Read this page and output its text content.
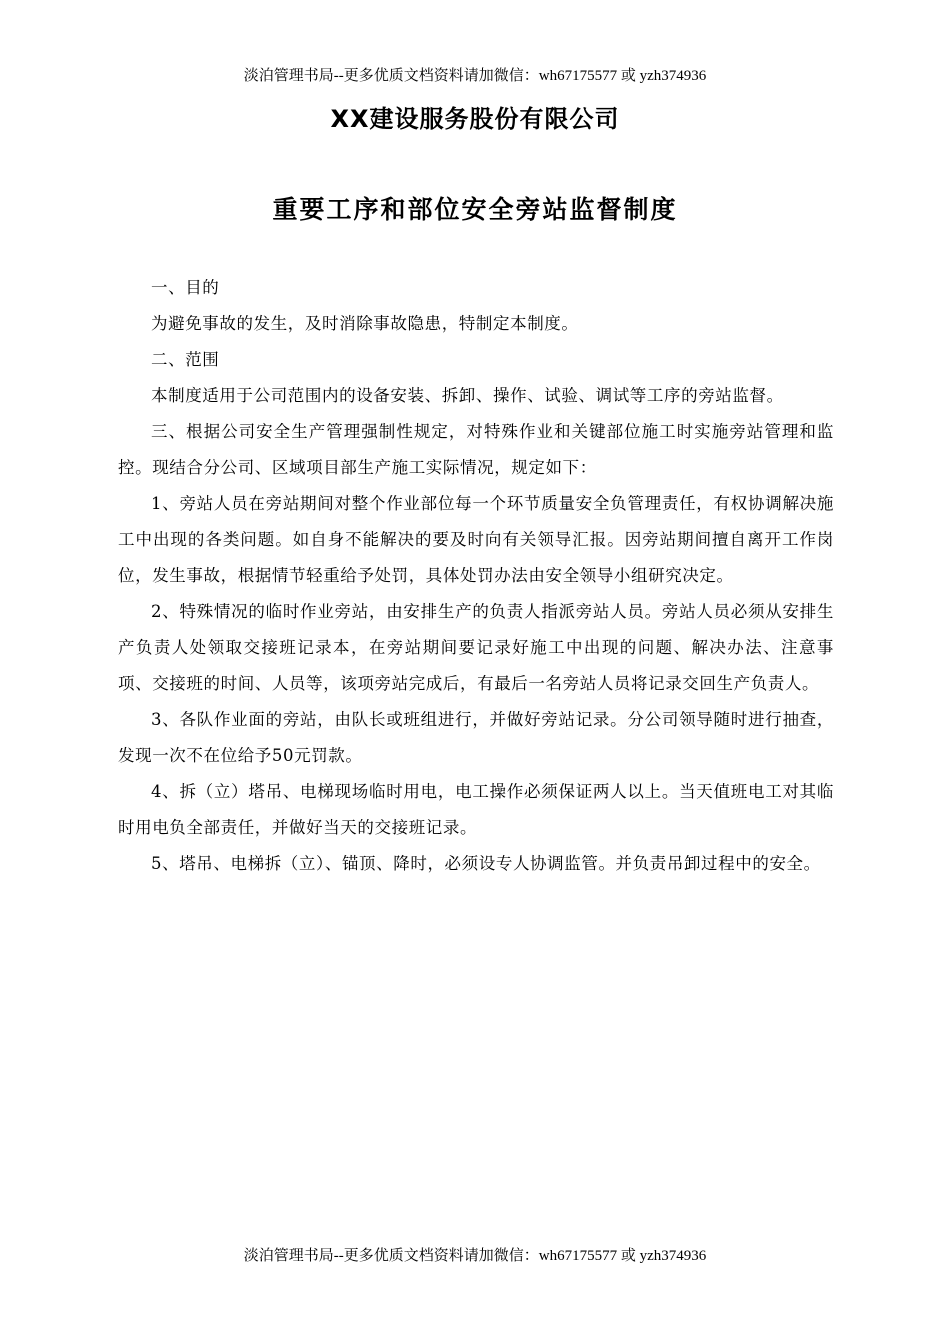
淡泊管理书局--更多优质文档资料请加微信：wh67175577 或 yzh374936
XX建设服务股份有限公司
重要工序和部位安全旁站监督制度

一、目的

为避免事故的发生，及时消除事故隐患，特制定本制度。

二、范围

本制度适用于公司范围内的设备安装、拆卸、操作、试验、调试等工序的旁站监督。

三、根据公司安全生产管理强制性规定，对特殊作业和关键部位施工时实施旁站管理和监控。现结合分公司、区域项目部生产施工实际情况，规定如下：

1、旁站人员在旁站期间对整个作业部位每一个环节质量安全负管理责任，有权协调解决施工中出现的各类问题。如自身不能解决的要及时向有关领导汇报。因旁站期间擅自离开工作岗位，发生事故，根据情节轻重给予处罚，具体处罚办法由安全领导小组研究决定。

2、特殊情况的临时作业旁站，由安排生产的负责人指派旁站人员。旁站人员必须从安排生产负责人处领取交接班记录本，在旁站期间要记录好施工中出现的问题、解决办法、注意事项、交接班的时间、人员等，该项旁站完成后，有最后一名旁站人员将记录交回生产负责人。

3、各队作业面的旁站，由队长或班组进行，并做好旁站记录。分公司领导随时进行抽查，发现一次不在位给予50元罚款。

4、拆（立）塔吊、电梯现场临时用电，电工操作必须保证两人以上。当天值班电工对其临时用电负全部责任，并做好当天的交接班记录。

5、塔吊、电梯拆（立）、锚顶、降时，必须设专人协调监管。并负责吊卸过程中的安全。

淡泊管理书局--更多优质文档资料请加微信：wh67175577 或 yzh374936
